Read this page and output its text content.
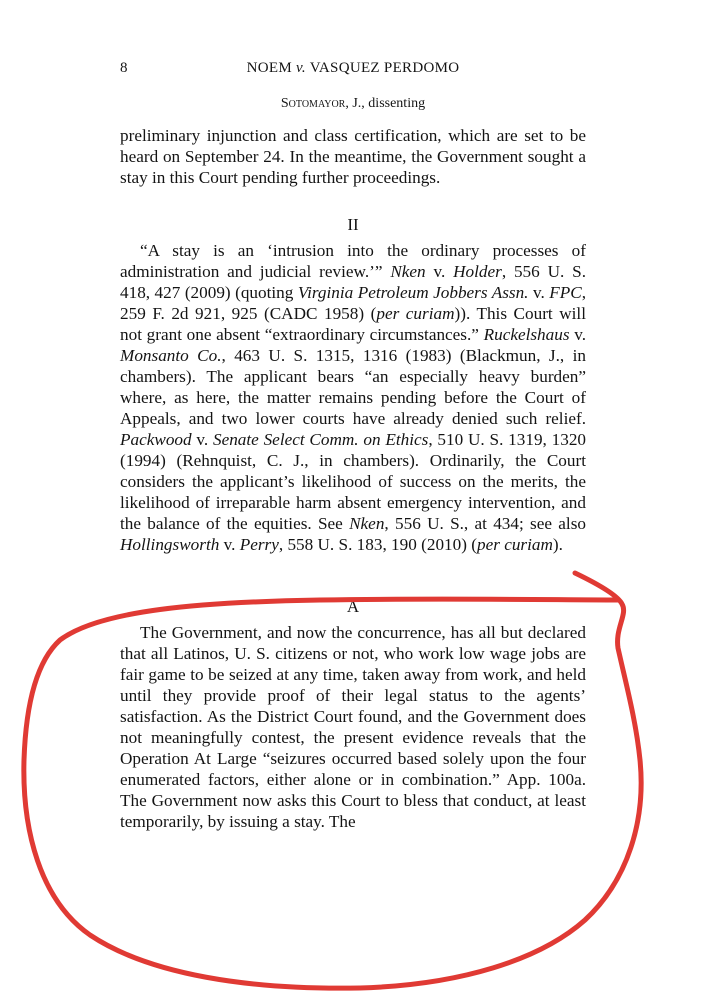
8	NOEM v. VASQUEZ PERDOMO
Sotomayor, J., dissenting

preliminary injunction and class certification, which are set to be heard on September 24. In the meantime, the Government sought a stay in this Court pending further proceedings.

II

“A stay is an ‘intrusion into the ordinary processes of administration and judicial review.’” Nken v. Holder, 556 U. S. 418, 427 (2009) (quoting Virginia Petroleum Jobbers Assn. v. FPC, 259 F. 2d 921, 925 (CADC 1958) (per curiam)). This Court will not grant one absent “extraordinary circumstances.” Ruckelshaus v. Monsanto Co., 463 U. S. 1315, 1316 (1983) (Blackmun, J., in chambers). The applicant bears “an especially heavy burden” where, as here, the matter remains pending before the Court of Appeals, and two lower courts have already denied such relief. Packwood v. Senate Select Comm. on Ethics, 510 U. S. 1319, 1320 (1994) (Rehnquist, C. J., in chambers). Ordinarily, the Court considers the applicant’s likelihood of success on the merits, the likelihood of irreparable harm absent emergency intervention, and the balance of the equities. See Nken, 556 U. S., at 434; see also Hollingsworth v. Perry, 558 U. S. 183, 190 (2010) (per curiam).

A

The Government, and now the concurrence, has all but declared that all Latinos, U. S. citizens or not, who work low wage jobs are fair game to be seized at any time, taken away from work, and held until they provide proof of their legal status to the agents’ satisfaction. As the District Court found, and the Government does not meaningfully contest, the present evidence reveals that the Operation At Large “seizures occurred based solely upon the four enumerated factors, either alone or in combination.” App. 100a. The Government now asks this Court to bless that conduct, at least temporarily, by issuing a stay. The
